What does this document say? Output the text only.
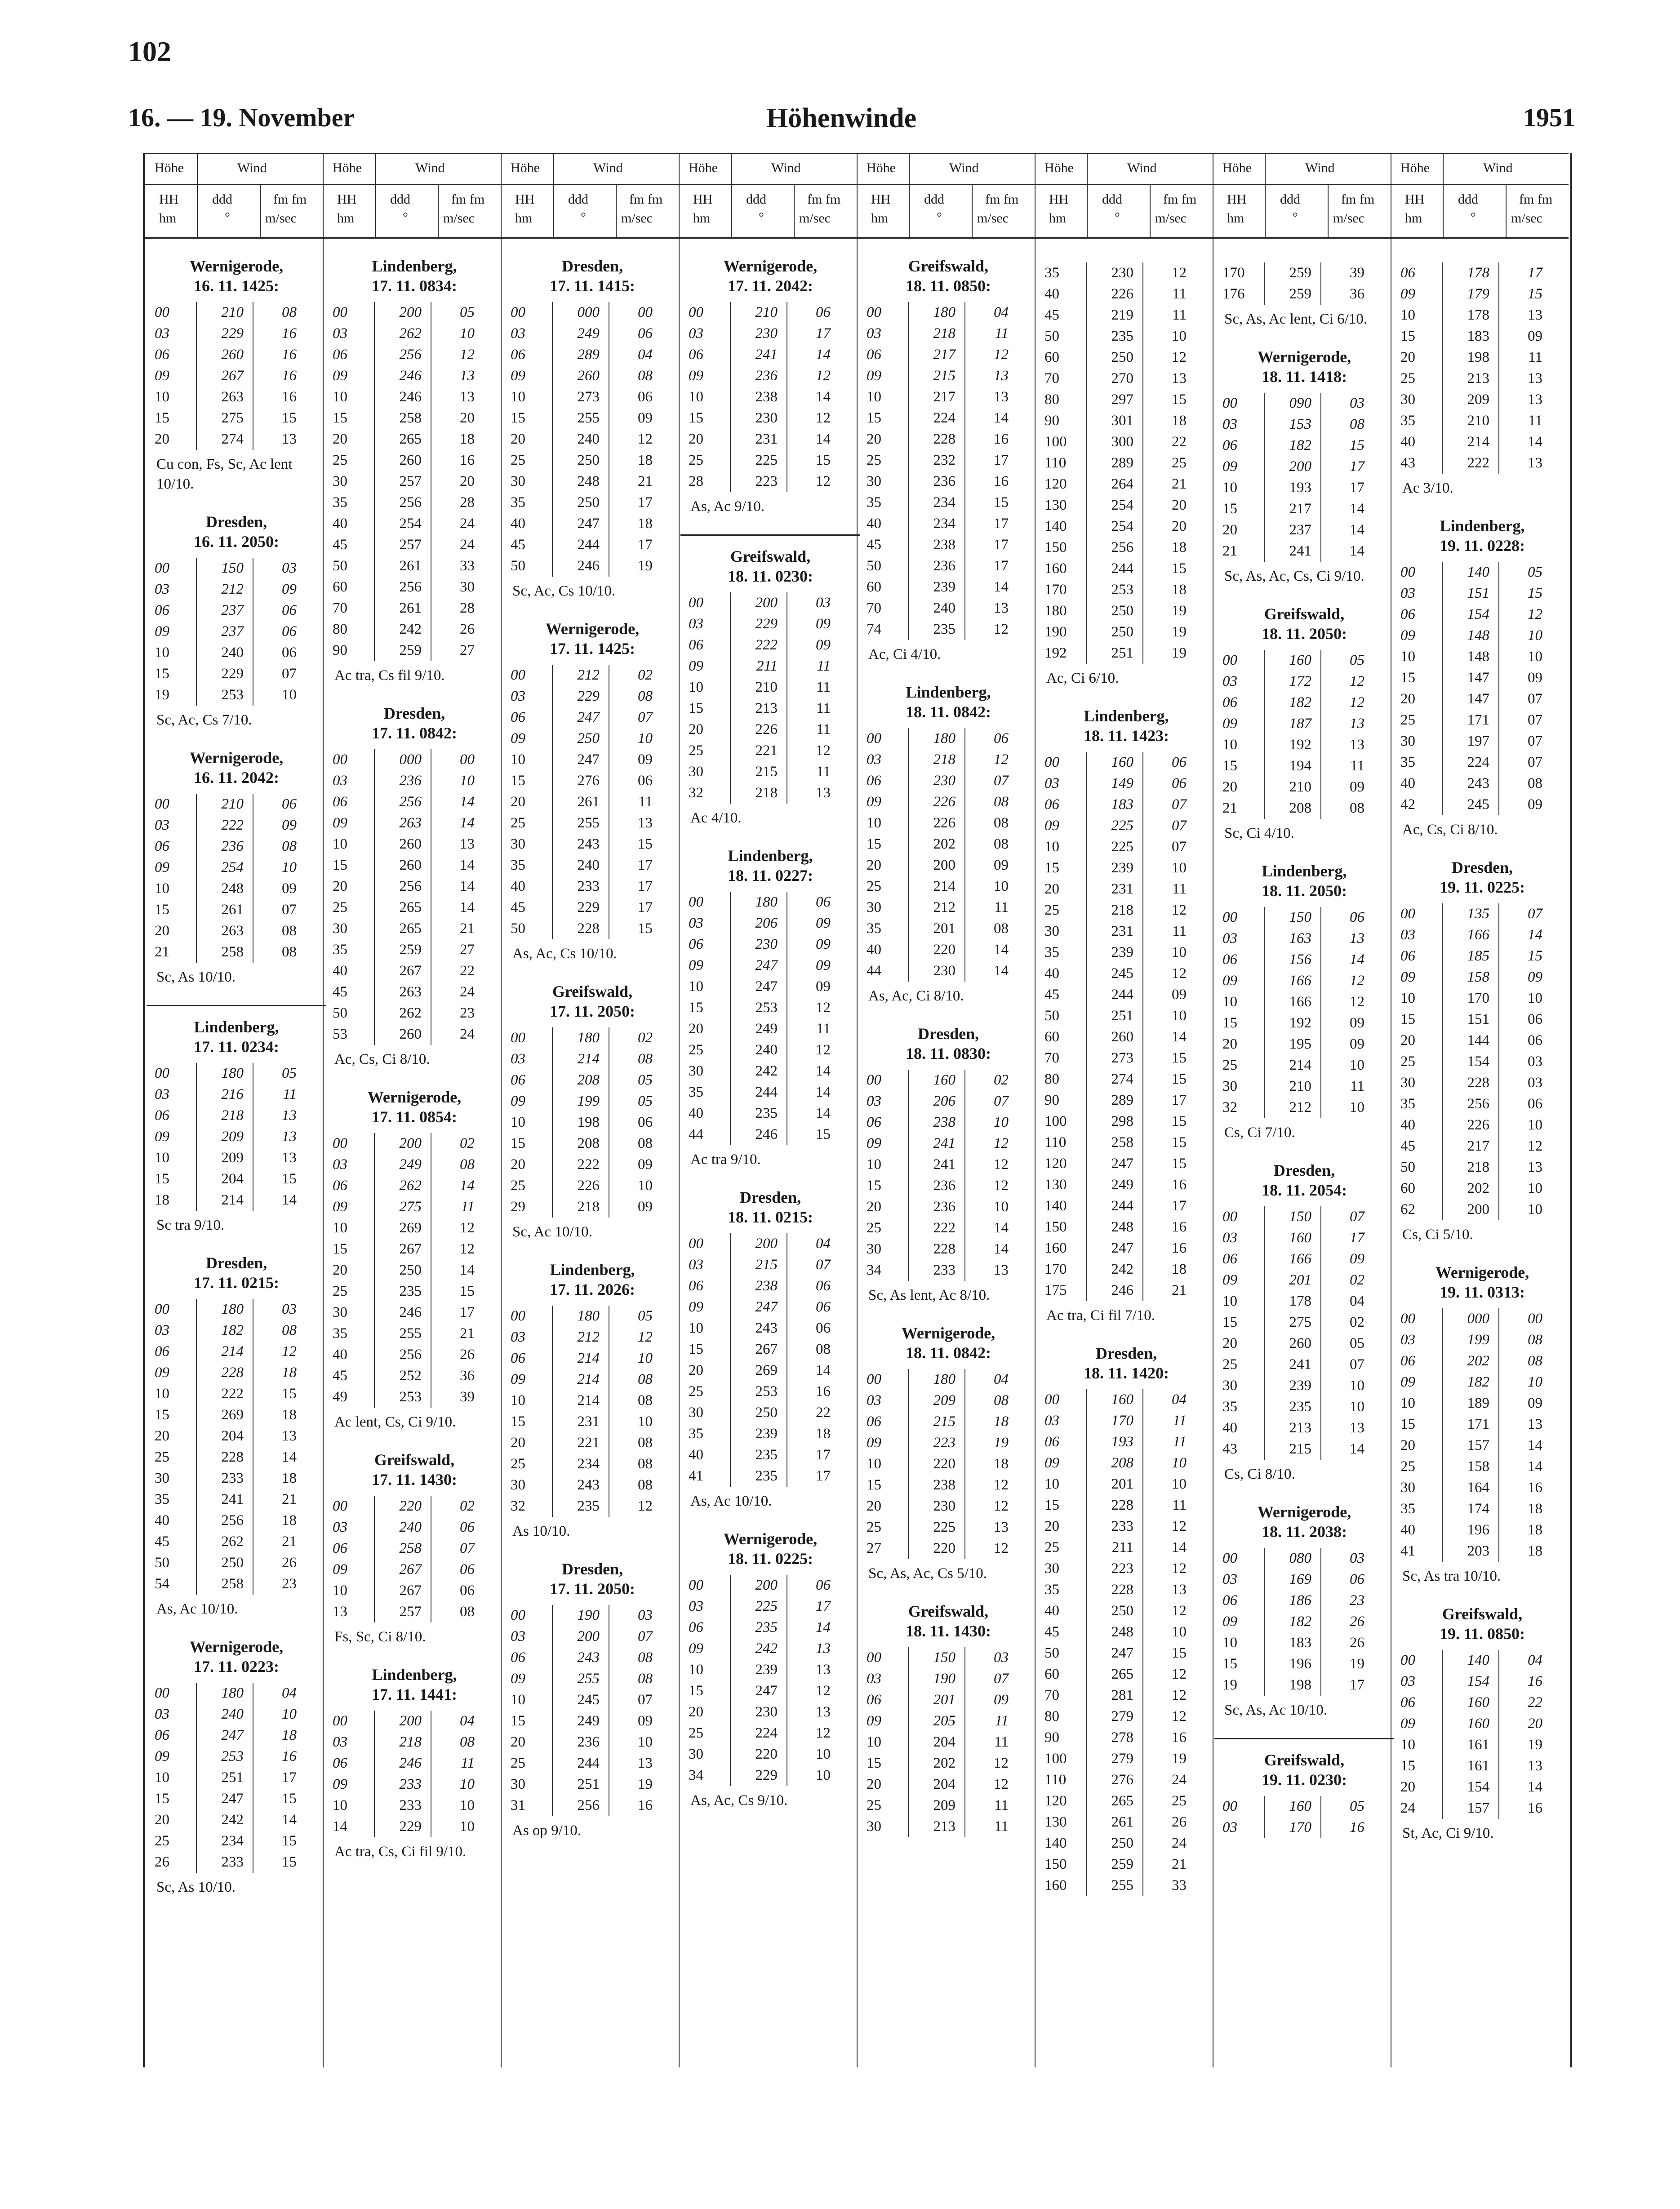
102
16. — 19. November	Höhenwinde	1951
Höhe	Wind
HH
hm
ddd
°
fm fm
m/sec
Wernigerode,
16. 11. 1425:
00	210	08
03	229	16
06	260	16
09	267	16
10	263	16
15	275	15
20	274	13
Cu con, Fs, Sc, Ac lent 10/10.
Dresden,
16. 11. 2050:
00	150	03
03	212	09
06	237	06
09	237	06
10	240	06
15	229	07
19	253	10
Sc, Ac, Cs 7/10.
Wernigerode,
16. 11. 2042:
00	210	06
03	222	09
06	236	08
09	254	10
10	248	09
15	261	07
20	263	08
21	258	08
Sc, As 10/10.
Lindenberg,
17. 11. 0234:
00	180	05
03	216	11
06	218	13
09	209	13
10	209	13
15	204	15
18	214	14
Sc tra 9/10.
Dresden,
17. 11. 0215:
00	180	03
03	182	08
06	214	12
09	228	18
10	222	15
15	269	18
20	204	13
25	228	14
30	233	18
35	241	21
40	256	18
45	262	21
50	250	26
54	258	23
As, Ac 10/10.
Wernigerode,
17. 11. 0223:
00	180	04
03	240	10
06	247	18
09	253	16
10	251	17
15	247	15
20	242	14
25	234	15
26	233	15
Sc, As 10/10.
Höhe	Wind
HH
hm
ddd
°
fm fm
m/sec
Lindenberg,
17. 11. 0834:
00	200	05
03	262	10
06	256	12
09	246	13
10	246	13
15	258	20
20	265	18
25	260	16
30	257	20
35	256	28
40	254	24
45	257	24
50	261	33
60	256	30
70	261	28
80	242	26
90	259	27
Ac tra, Cs fil 9/10.
Dresden,
17. 11. 0842:
00	000	00
03	236	10
06	256	14
09	263	14
10	260	13
15	260	14
20	256	14
25	265	14
30	265	21
35	259	27
40	267	22
45	263	24
50	262	23
53	260	24
Ac, Cs, Ci 8/10.
Wernigerode,
17. 11. 0854:
00	200	02
03	249	08
06	262	14
09	275	11
10	269	12
15	267	12
20	250	14
25	235	15
30	246	17
35	255	21
40	256	26
45	252	36
49	253	39
Ac lent, Cs, Ci 9/10.
Greifswald,
17. 11. 1430:
00	220	02
03	240	06
06	258	07
09	267	06
10	267	06
13	257	08
Fs, Sc, Ci 8/10.
Lindenberg,
17. 11. 1441:
00	200	04
03	218	08
06	246	11
09	233	10
10	233	10
14	229	10
Ac tra, Cs, Ci fil 9/10.
Höhe	Wind
HH
hm
ddd
°
fm fm
m/sec
Dresden,
17. 11. 1415:
00	000	00
03	249	06
06	289	04
09	260	08
10	273	06
15	255	09
20	240	12
25	250	18
30	248	21
35	250	17
40	247	18
45	244	17
50	246	19
Sc, Ac, Cs 10/10.
Wernigerode,
17. 11. 1425:
00	212	02
03	229	08
06	247	07
09	250	10
10	247	09
15	276	06
20	261	11
25	255	13
30	243	15
35	240	17
40	233	17
45	229	17
50	228	15
As, Ac, Cs 10/10.
Greifswald,
17. 11. 2050:
00	180	02
03	214	08
06	208	05
09	199	05
10	198	06
15	208	08
20	222	09
25	226	10
29	218	09
Sc, Ac 10/10.
Lindenberg,
17. 11. 2026:
00	180	05
03	212	12
06	214	10
09	214	08
10	214	08
15	231	10
20	221	08
25	234	08
30	243	08
32	235	12
As 10/10.
Dresden,
17. 11. 2050:
00	190	03
03	200	07
06	243	08
09	255	08
10	245	07
15	249	09
20	236	10
25	244	13
30	251	19
31	256	16
As op 9/10.
Höhe	Wind
HH
hm
ddd
°
fm fm
m/sec
Wernigerode,
17. 11. 2042:
00	210	06
03	230	17
06	241	14
09	236	12
10	238	14
15	230	12
20	231	14
25	225	15
28	223	12
As, Ac 9/10.
Greifswald,
18. 11. 0230:
00	200	03
03	229	09
06	222	09
09	211	11
10	210	11
15	213	11
20	226	11
25	221	12
30	215	11
32	218	13
Ac 4/10.
Lindenberg,
18. 11. 0227:
00	180	06
03	206	09
06	230	09
09	247	09
10	247	09
15	253	12
20	249	11
25	240	12
30	242	14
35	244	14
40	235	14
44	246	15
Ac tra 9/10.
Dresden,
18. 11. 0215:
00	200	04
03	215	07
06	238	06
09	247	06
10	243	06
15	267	08
20	269	14
25	253	16
30	250	22
35	239	18
40	235	17
41	235	17
As, Ac 10/10.
Wernigerode,
18. 11. 0225:
00	200	06
03	225	17
06	235	14
09	242	13
10	239	13
15	247	12
20	230	13
25	224	12
30	220	10
34	229	10
As, Ac, Cs 9/10.
Höhe	Wind
HH
hm
ddd
°
fm fm
m/sec
Greifswald,
18. 11. 0850:
00	180	04
03	218	11
06	217	12
09	215	13
10	217	13
15	224	14
20	228	16
25	232	17
30	236	16
35	234	15
40	234	17
45	238	17
50	236	17
60	239	14
70	240	13
74	235	12
Ac, Ci 4/10.
Lindenberg,
18. 11. 0842:
00	180	06
03	218	12
06	230	07
09	226	08
10	226	08
15	202	08
20	200	09
25	214	10
30	212	11
35	201	08
40	220	14
44	230	14
As, Ac, Ci 8/10.
Dresden,
18. 11. 0830:
00	160	02
03	206	07
06	238	10
09	241	12
10	241	12
15	236	12
20	236	10
25	222	14
30	228	14
34	233	13
Sc, As lent, Ac 8/10.
Wernigerode,
18. 11. 0842:
00	180	04
03	209	08
06	215	18
09	223	19
10	220	18
15	238	12
20	230	12
25	225	13
27	220	12
Sc, As, Ac, Cs 5/10.
Greifswald,
18. 11. 1430:
00	150	03
03	190	07
06	201	09
09	205	11
10	204	11
15	202	12
20	204	12
25	209	11
30	213	11
Höhe	Wind
HH
hm
ddd
°
fm fm
m/sec
35	230	12
40	226	11
45	219	11
50	235	10
60	250	12
70	270	13
80	297	15
90	301	18
100	300	22
110	289	25
120	264	21
130	254	20
140	254	20
150	256	18
160	244	15
170	253	18
180	250	19
190	250	19
192	251	19
Ac, Ci 6/10.
Lindenberg,
18. 11. 1423:
00	160	06
03	149	06
06	183	07
09	225	07
10	225	07
15	239	10
20	231	11
25	218	12
30	231	11
35	239	10
40	245	12
45	244	09
50	251	10
60	260	14
70	273	15
80	274	15
90	289	17
100	298	15
110	258	15
120	247	15
130	249	16
140	244	17
150	248	16
160	247	16
170	242	18
175	246	21
Ac tra, Ci fil 7/10.
Dresden,
18. 11. 1420:
00	160	04
03	170	11
06	193	11
09	208	10
10	201	10
15	228	11
20	233	12
25	211	14
30	223	12
35	228	13
40	250	12
45	248	10
50	247	15
60	265	12
70	281	12
80	279	12
90	278	16
100	279	19
110	276	24
120	265	25
130	261	26
140	250	24
150	259	21
160	255	33
Höhe	Wind
HH
hm
ddd
°
fm fm
m/sec
170	259	39
176	259	36
Sc, As, Ac lent, Ci 6/10.
Wernigerode,
18. 11. 1418:
00	090	03
03	153	08
06	182	15
09	200	17
10	193	17
15	217	14
20	237	14
21	241	14
Sc, As, Ac, Cs, Ci 9/10.
Greifswald,
18. 11. 2050:
00	160	05
03	172	12
06	182	12
09	187	13
10	192	13
15	194	11
20	210	09
21	208	08
Sc, Ci 4/10.
Lindenberg,
18. 11. 2050:
00	150	06
03	163	13
06	156	14
09	166	12
10	166	12
15	192	09
20	195	09
25	214	10
30	210	11
32	212	10
Cs, Ci 7/10.
Dresden,
18. 11. 2054:
00	150	07
03	160	17
06	166	09
09	201	02
10	178	04
15	275	02
20	260	05
25	241	07
30	239	10
35	235	10
40	213	13
43	215	14
Cs, Ci 8/10.
Wernigerode,
18. 11. 2038:
00	080	03
03	169	06
06	186	23
09	182	26
10	183	26
15	196	19
19	198	17
Sc, As, Ac 10/10.
Greifswald,
19. 11. 0230:
00	160	05
03	170	16
Höhe	Wind
HH
hm
ddd
°
fm fm
m/sec
06	178	17
09	179	15
10	178	13
15	183	09
20	198	11
25	213	13
30	209	13
35	210	11
40	214	14
43	222	13
Ac 3/10.
Lindenberg,
19. 11. 0228:
00	140	05
03	151	15
06	154	12
09	148	10
10	148	10
15	147	09
20	147	07
25	171	07
30	197	07
35	224	07
40	243	08
42	245	09
Ac, Cs, Ci 8/10.
Dresden,
19. 11. 0225:
00	135	07
03	166	14
06	185	15
09	158	09
10	170	10
15	151	06
20	144	06
25	154	03
30	228	03
35	256	06
40	226	10
45	217	12
50	218	13
60	202	10
62	200	10
Cs, Ci 5/10.
Wernigerode,
19. 11. 0313:
00	000	00
03	199	08
06	202	08
09	182	10
10	189	09
15	171	13
20	157	14
25	158	14
30	164	16
35	174	18
40	196	18
41	203	18
Sc, As tra 10/10.
Greifswald,
19. 11. 0850:
00	140	04
03	154	16
06	160	22
09	160	20
10	161	19
15	161	13
20	154	14
24	157	16
St, Ac, Ci 9/10.
